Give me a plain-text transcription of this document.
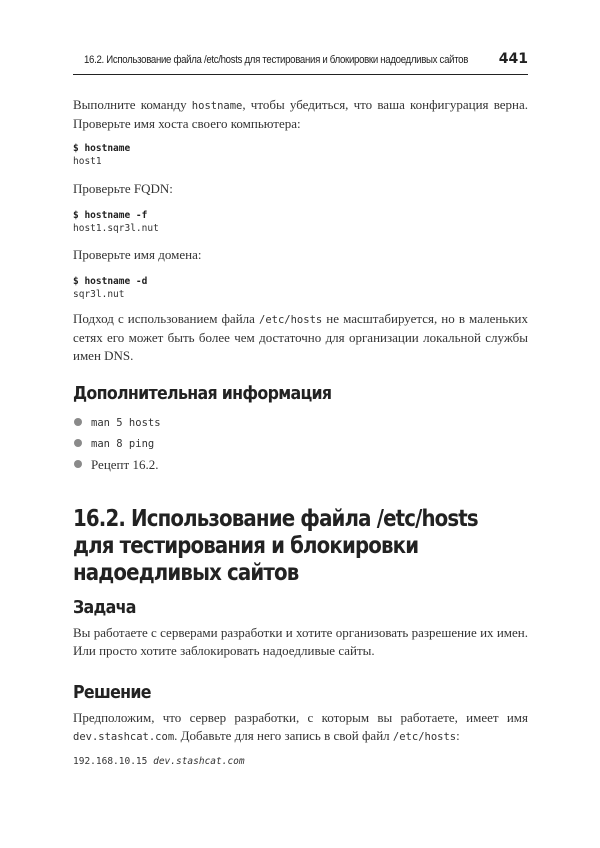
16.2. Использование файла /etc/hosts для тестирования и блокировки надоедливых сайтов 441

Выполните команду hostname, чтобы убедиться, что ваша конфигурация верна. Проверьте имя хоста своего компьютера:

$ hostname
host1

Проверьте FQDN:

$ hostname -f
host1.sqr3l.nut

Проверьте имя домена:

$ hostname -d
sqr3l.nut

Подход с использованием файла /etc/hosts не масштабируется, но в маленьких сетях его может быть более чем достаточно для организации локальной службы имен DNS.

Дополнительная информация
man 5 hosts
man 8 ping
Рецепт 16.2.
16.2. Использование файла /etc/hosts
для тестирования и блокировки
надоедливых сайтов
Задача

Вы работаете с серверами разработки и хотите организовать разрешение их имен. Или просто хотите заблокировать надоедливые сайты.

Решение

Предположим, что сервер разработки, с которым вы работаете, имеет имя dev.stashcat.com. Добавьте для него запись в свой файл /etc/hosts:

192.168.10.15 dev.stashcat.com
